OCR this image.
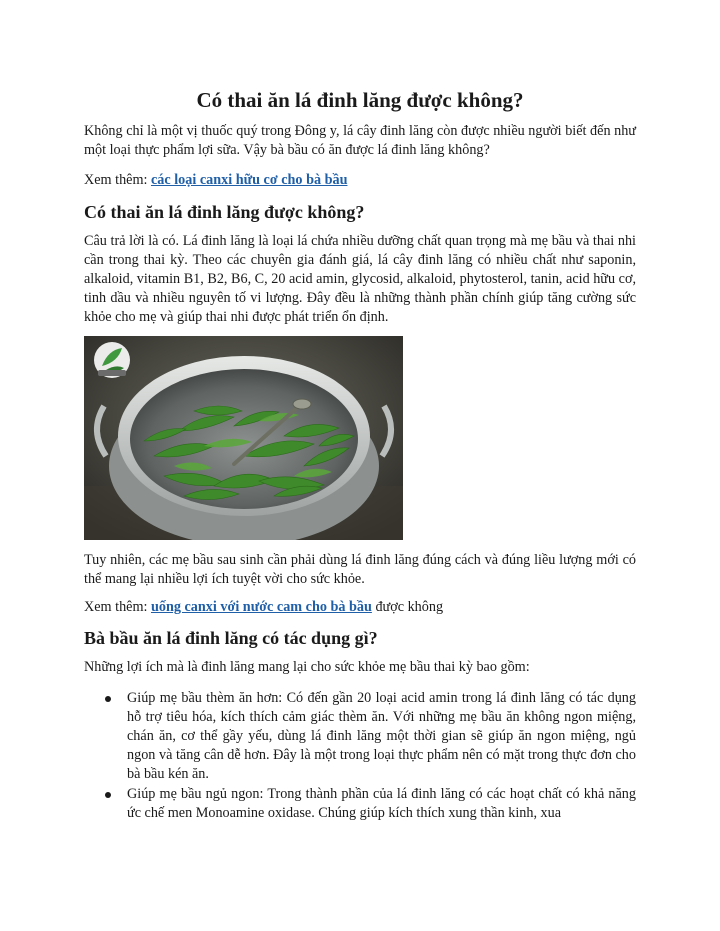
Có thai ăn lá đinh lăng được không?

Không chỉ là một vị thuốc quý trong Đông y, lá cây đinh lăng còn được nhiều người biết đến như một loại thực phẩm lợi sữa. Vậy bà bầu có ăn được lá đinh lăng không?

Xem thêm: các loại canxi hữu cơ cho bà bầu

Có thai ăn lá đinh lăng được không?

Câu trả lời là có. Lá đinh lăng là loại lá chứa nhiều dưỡng chất quan trọng mà mẹ bầu và thai nhi cần trong thai kỳ. Theo các chuyên gia đánh giá, lá cây đinh lăng có nhiều chất như saponin, alkaloid, vitamin B1, B2, B6, C, 20 acid amin, glycosid, alkaloid, phytosterol, tanin, acid hữu cơ, tinh dầu và nhiều nguyên tố vi lượng. Đây đều là những thành phần chính giúp tăng cường sức khỏe cho mẹ và giúp thai nhi được phát triển ổn định.

Tuy nhiên, các mẹ bầu sau sinh cần phải dùng lá đinh lăng đúng cách và đúng liều lượng mới có thể mang lại nhiều lợi ích tuyệt vời cho sức khỏe.

Xem thêm: uống canxi với nước cam cho bà bầu được không

Bà bầu ăn lá đinh lăng có tác dụng gì?

Những lợi ích mà là đinh lăng mang lại cho sức khỏe mẹ bầu thai kỳ bao gồm:

Giúp mẹ bầu thèm ăn hơn: Có đến gần 20 loại acid amin trong lá đinh lăng có tác dụng hỗ trợ tiêu hóa, kích thích cảm giác thèm ăn. Với những mẹ bầu ăn không ngon miệng, chán ăn, cơ thể gầy yếu, dùng lá đinh lăng một thời gian sẽ giúp ăn ngon miệng, ngủ ngon và tăng cân dễ hơn. Đây là một trong loại thực phẩm nên có mặt trong thực đơn cho bà bầu kén ăn.
Giúp mẹ bầu ngủ ngon: Trong thành phần của lá đinh lăng có các hoạt chất có khả năng ức chế men Monoamine oxidase. Chúng giúp kích thích xung thần kinh, xua
